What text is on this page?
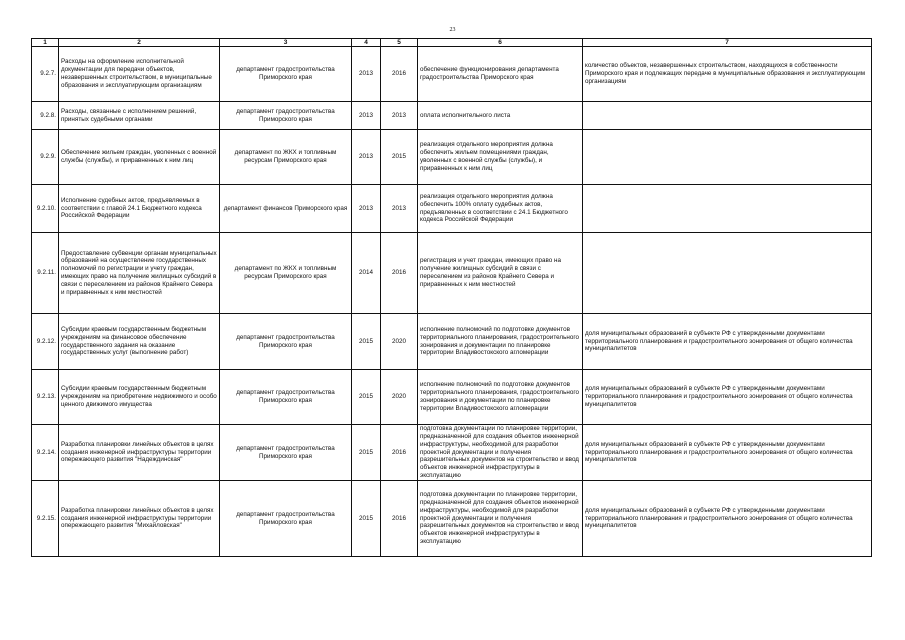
23
1	2	3	4	5	6	7
9.2.7.	Расходы на оформление исполнительной документации для передачи объектов, незавершенных строительством, в муниципальные образования и эксплуатирующим организациям	департамент градостроительства Приморского края	2013	2016	обеспечение функционирования департамента градостроительства Приморского края	количество объектов, незавершенных строительством, находящихся в собственности Приморского края и подлежащих передаче в муниципальные образования и эксплуатирующим организациям
9.2.8.	Расходы, связанные с исполнением решений, принятых судебными органами	департамент градостроительства Приморского края	2013	2013	оплата исполнительного листа	
9.2.9.	Обеспечение жильем граждан, уволенных с военной службы (службы), и приравненных к ним лиц	департамент по ЖКХ и топливным ресурсам Приморского края	2013	2015	реализация отдельного мероприятия должна обеспечить жильем помещениями граждан, уволенных с военной службы (службы), и приравненных к ним лиц	
9.2.10.	Исполнение судебных актов, предъявляемых в соответствии с главой 24.1 Бюджетного кодекса Российской Федерации	департамент финансов Приморского края	2013	2013	реализация отдельного мероприятия должна обеспечить 100% оплату судебных актов, предъявленных в соответствии с 24.1 Бюджетного кодекса Российской Федерации	
9.2.11.	Предоставление субвенции органам муниципальных образований на осуществление государственных полномочий по регистрации и учету граждан, имеющих право на получение жилищных субсидий в связи с переселением из районов Крайнего Севера и приравненных к ним местностей	департамент по ЖКХ и топливным ресурсам Приморского края	2014	2016	регистрация и учет граждан, имеющих право на получение жилищных субсидий в связи с переселением из районов Крайнего Севера и приравненных к ним местностей	
9.2.12.	Субсидии краевым государственным бюджетным учреждениям на финансовое обеспечение государственного задания на оказание государственных услуг (выполнение работ)	департамент градостроительства Приморского края	2015	2020	исполнение полномочий по подготовке документов территориального планирования, градостроительного зонирования и документации по планировке территории Владивостокского агломерации	доля муниципальных образований в субъекте РФ с утвержденными документами территориального планирования и градостроительного зонирования от общего количества муниципалитетов
9.2.13.	Субсидии краевым государственным бюджетным учреждениям на приобретение недвижимого и особо ценного движимого имущества	департамент градостроительства Приморского края	2015	2020	исполнение полномочий по подготовке документов территориального планирования, градостроительного зонирования и документации по планировке территории Владивостокского агломерации	доля муниципальных образований в субъекте РФ с утвержденными документами территориального планирования и градостроительного зонирования от общего количества муниципалитетов
9.2.14.	Разработка планировки линейных объектов в целях создания инженерной инфраструктуры территории опережающего развития "Надеждинская"	департамент градостроительства Приморского края	2015	2016	подготовка документации по планировке территории, предназначенной для создания объектов инженерной инфраструктуры, необходимой для разработки проектной документации и получения разрешительных документов на строительство и ввод объектов инженерной инфраструктуры в эксплуатацию	доля муниципальных образований в субъекте РФ с утвержденными документами территориального планирования и градостроительного зонирования от общего количества муниципалитетов
9.2.15.	Разработка планировки линейных объектов в целях создания инженерной инфраструктуры территории опережающего развития "Михайловская"	департамент градостроительства Приморского края	2015	2016	подготовка документации по планировке территории, предназначенной для создания объектов инженерной инфраструктуры, необходимой для разработки проектной документации и получения разрешительных документов на строительство и ввод объектов инженерной инфраструктуры в эксплуатацию	доля муниципальных образований в субъекте РФ с утвержденными документами территориального планирования и градостроительного зонирования от общего количества муниципалитетов
